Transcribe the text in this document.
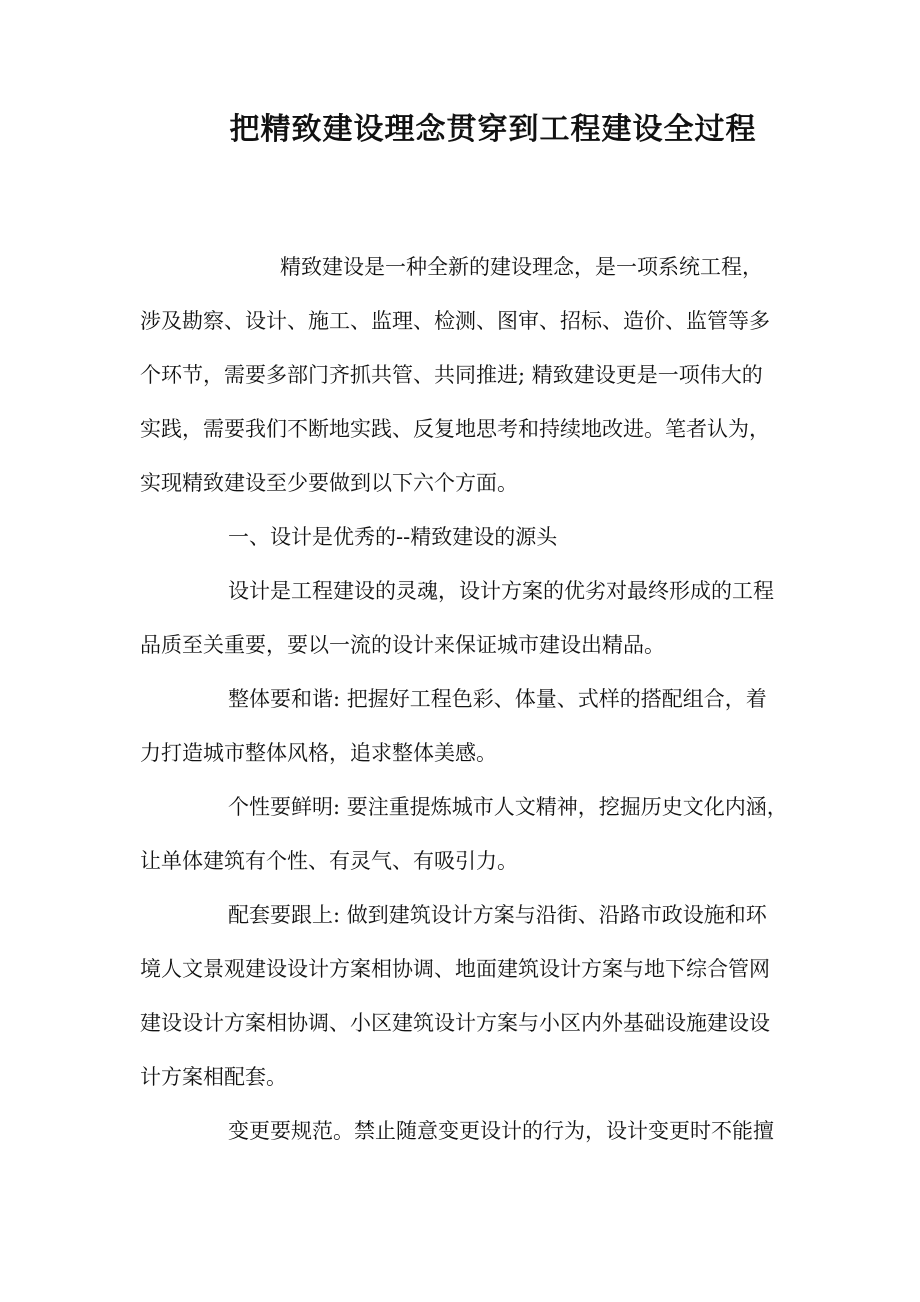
把精致建设理念贯穿到工程建设全过程
精致建设是一种全新的建设理念，是一项系统工程，
涉及勘察、设计、施工、监理、检测、图审、招标、造价、监管等多
个环节，需要多部门齐抓共管、共同推进; 精致建设更是一项伟大的
实践，需要我们不断地实践、反复地思考和持续地改进。笔者认为，
实现精致建设至少要做到以下六个方面。
一、设计是优秀的--精致建设的源头
设计是工程建设的灵魂，设计方案的优劣对最终形成的工程
品质至关重要，要以一流的设计来保证城市建设出精品。
整体要和谐: 把握好工程色彩、体量、式样的搭配组合，着
力打造城市整体风格，追求整体美感。
个性要鲜明: 要注重提炼城市人文精神，挖掘历史文化内涵，
让单体建筑有个性、有灵气、有吸引力。
配套要跟上: 做到建筑设计方案与沿街、沿路市政设施和环
境人文景观建设设计方案相协调、地面建筑设计方案与地下综合管网
建设设计方案相协调、小区建筑设计方案与小区内外基础设施建设设
计方案相配套。
变更要规范。禁止随意变更设计的行为，设计变更时不能擅
